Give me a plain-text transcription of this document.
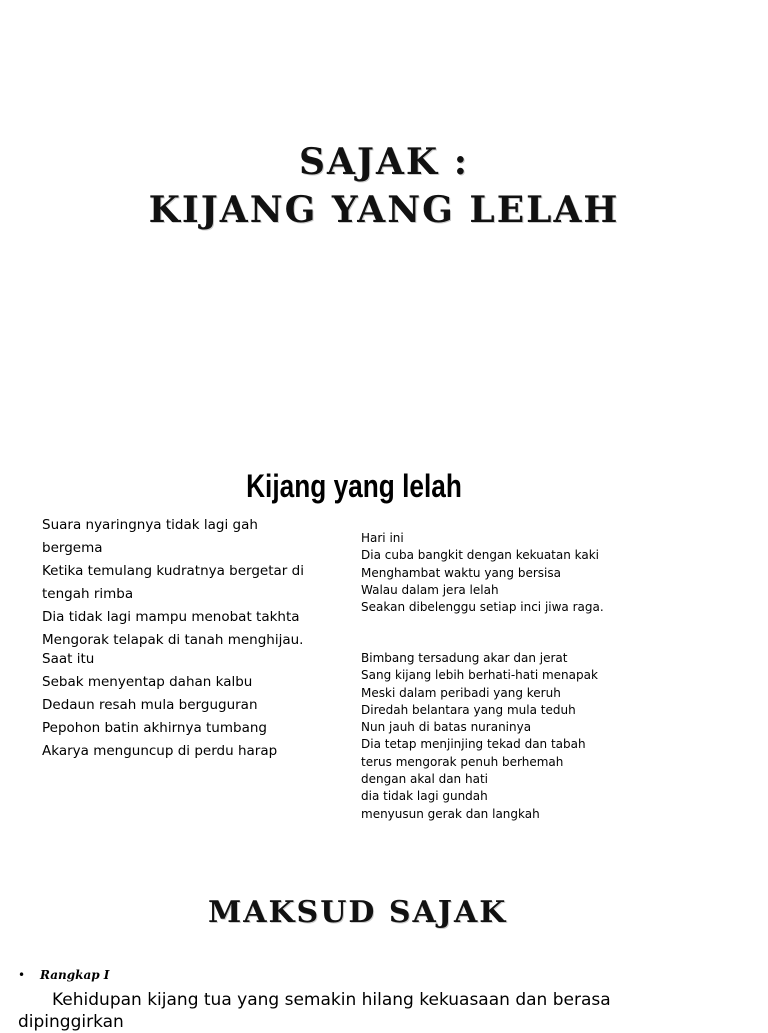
SAJAK :
KIJANG YANG LELAH
Kijang yang lelah
Suara nyaringnya tidak lagi gah bergema
Ketika temulang kudratnya bergetar di tengah rimba
Dia tidak lagi mampu menobat takhta
Mengorak telapak di tanah menghijau.
Saat itu
Sebak menyentap dahan kalbu
Dedaun resah mula berguguran
Pepohon batin akhirnya tumbang
Akarya menguncup di perdu harap
Hari ini
Dia cuba bangkit dengan kekuatan kaki
Menghambat waktu yang bersisa
Walau dalam jera lelah
Seakan dibelenggu setiap inci jiwa raga.
Bimbang tersadung akar dan jerat
Sang kijang lebih berhati-hati menapak
Meski dalam peribadi yang keruh
Diredah belantara yang mula teduh
Nun jauh di batas nuraninya
Dia tetap menjinjing tekad dan tabah
terus mengorak penuh berhemah
dengan akal dan hati
dia tidak lagi gundah
menyusun gerak dan langkah
MAKSUD SAJAK
• Rangkap I
Kehidupan kijang tua yang semakin hilang kekuasaan dan berasa dipinggirkan
